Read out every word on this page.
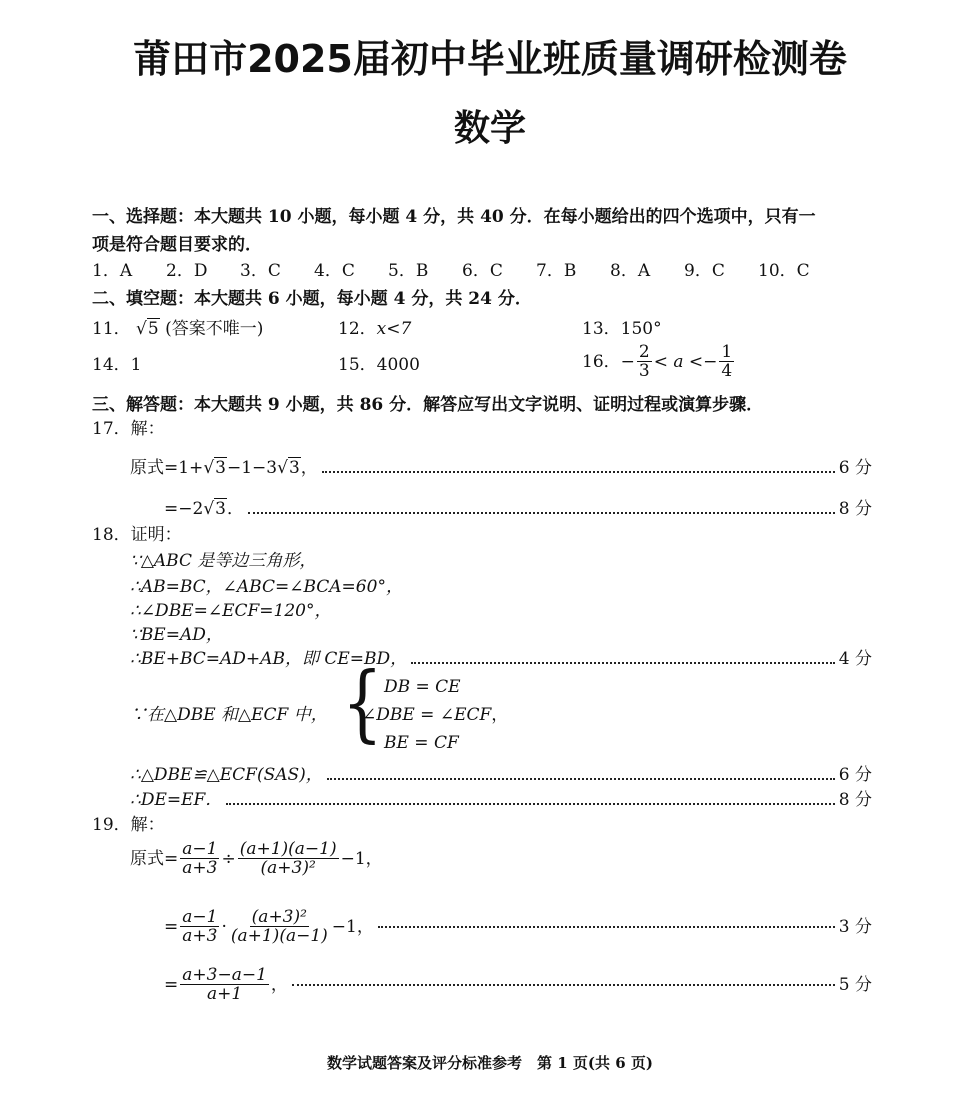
莆田市2025届初中毕业班质量调研检测卷
数学
一、选择题：本大题共 10 小题，每小题 4 分，共 40 分．在每小题给出的四个选项中，只有一
项是符合题目要求的．
1．A	2．D	3．C	4．C	5．B	6．C	7．B	8．A	9．C	10．C
二、填空题：本大题共 6 小题，每小题 4 分，共 24 分．
11． √5 (答案不唯一)	12．x<7	13．150°
14．1	15．4000	16． − $\frac{2}{3} < a <- \frac{1}{4}$
三、解答题：本大题共 9 小题，共 86 分．解答应写出文字说明、证明过程或演算步骤．
17．解：
原式=1+ √3 −1−3 √3 ，	6 分
=−2 √3 ．	8 分
18．证明：
∵△ABC 是等边三角形，
∴AB=BC，∠ABC=∠BCA=60°，
∴∠DBE=∠ECF=120°，
∵BE=AD，
∴BE+BC=AD+AB，即 CE=BD，	4 分
∵在△DBE 和△ECF 中， { DB = CE
∠DBE = ∠ECF，
BE = CF
∴△DBE≌△ECF(SAS)，	6 分
∴DE=EF．	8 分
19．解：
原式= $\frac{a-1}{a+3} \div \frac{(a+1)(a-1)}{\text{(a+3)²}} -1$，
= $\frac{a-1}{a+3} \cdot \frac{\text{(a+3)²}}{(a+1)(a-1)} -1$，	3 分
= $\frac{a+3-a-1}{a+1}$ ，	5 分
数学试题答案及评分标准参考　第 1 页(共 6 页)
